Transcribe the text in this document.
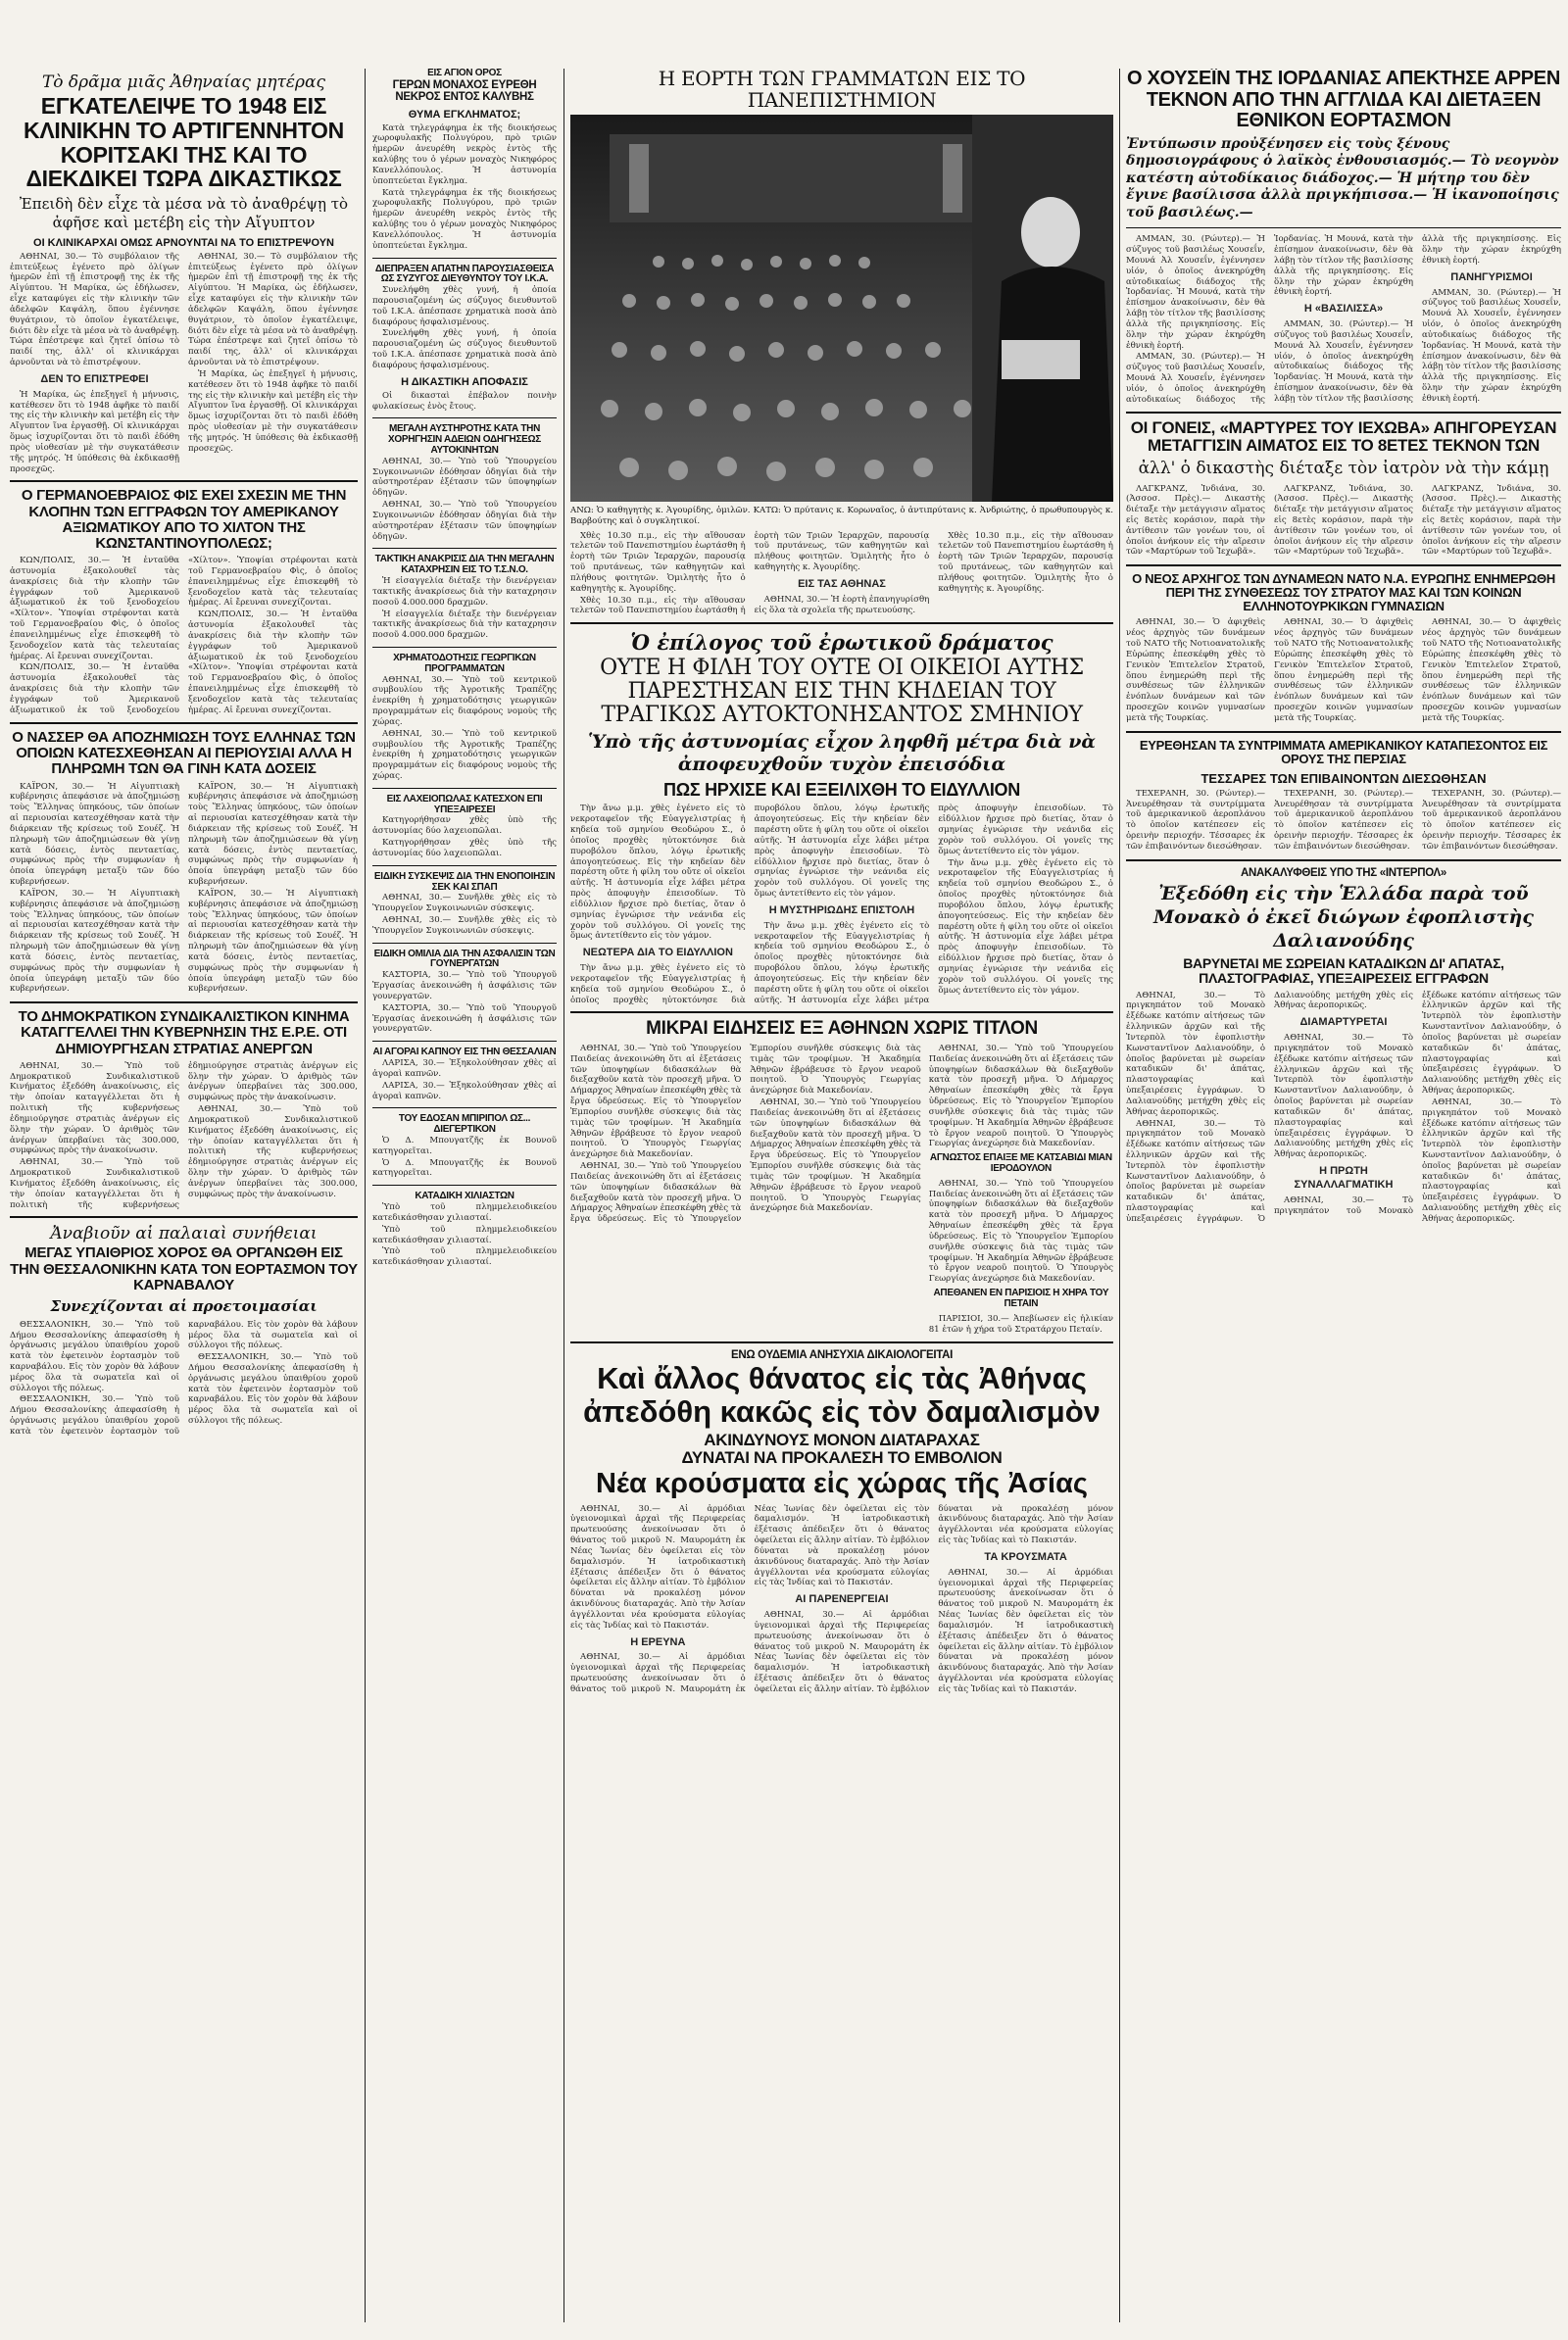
Τὸ δρᾶμα μιᾶς Ἀθηναίας μητέρας
ΕΓΚΑΤΕΛΕΙΨΕ ΤΟ 1948 ΕΙΣ ΚΛΙΝΙΚΗΝ ΤΟ ΑΡΤΙΓΕΝΝΗΤΟΝ ΚΟΡΙΤΣΑΚΙ ΤΗΣ ΚΑΙ ΤΟ ΔΙΕΚΔΙΚΕΙ ΤΩΡΑ ΔΙΚΑΣΤΙΚΩΣ
Ἐπειδὴ δὲν εἶχε τὰ μέσα νὰ τὸ ἀναθρέψῃ τὸ ἀφῆσε καὶ μετέβη εἰς τὴν Αἴγυπτον
ΟΙ ΚΛΙΝΙΚΑΡΧΑΙ ΟΜΩΣ ΑΡΝΟΥΝΤΑΙ ΝΑ ΤΟ ΕΠΙΣΤΡΕΨΟΥΝ

ΑΘΗΝΑΙ, 30.— Τὸ συμβόλαιον τῆς ἐπιτεύξεως ἐγένετο πρὸ ὀλίγων ἡμερῶν ἐπὶ τῇ ἐπιστροφῇ της ἐκ τῆς Αἰγύπτου. Ἡ Μαρίκα, ὡς ἐδήλωσεν, εἶχε καταφύγει εἰς τὴν κλινικὴν τῶν ἀδελφῶν Καψάλη, ὅπου ἐγέννησε θυγάτριον, τὸ ὁποῖον ἐγκατέλειψε, διότι δὲν εἶχε τὰ μέσα νὰ τὸ ἀναθρέψῃ. Τώρα ἐπέστρεψε καὶ ζητεῖ ὀπίσω τὸ παιδί της, ἀλλ' οἱ κλινικάρχαι ἀρνοῦνται νὰ τὸ ἐπιστρέψουν.

ΔΕΝ ΤΟ ΕΠΙΣΤΡΕΦΕΙ

Ἡ Μαρίκα, ὡς ἐπεξηγεῖ ἡ μήνυσις, κατέθεσεν ὅτι τὸ 1948 ἀφῆκε τὸ παιδί της εἰς τὴν κλινικὴν καὶ μετέβη εἰς τὴν Αἴγυπτον ἵνα ἐργασθῇ. Οἱ κλινικάρχαι ὅμως ἰσχυρίζονται ὅτι τὸ παιδὶ ἐδόθη πρὸς υἱοθεσίαν μὲ τὴν συγκατάθεσιν τῆς μητρός. Ἡ ὑπόθεσις θὰ ἐκδικασθῇ προσεχῶς.

ΑΘΗΝΑΙ, 30.— Τὸ συμβόλαιον τῆς ἐπιτεύξεως ἐγένετο πρὸ ὀλίγων ἡμερῶν ἐπὶ τῇ ἐπιστροφῇ της ἐκ τῆς Αἰγύπτου. Ἡ Μαρίκα, ὡς ἐδήλωσεν, εἶχε καταφύγει εἰς τὴν κλινικὴν τῶν ἀδελφῶν Καψάλη, ὅπου ἐγέννησε θυγάτριον, τὸ ὁποῖον ἐγκατέλειψε, διότι δὲν εἶχε τὰ μέσα νὰ τὸ ἀναθρέψῃ. Τώρα ἐπέστρεψε καὶ ζητεῖ ὀπίσω τὸ παιδί της, ἀλλ' οἱ κλινικάρχαι ἀρνοῦνται νὰ τὸ ἐπιστρέψουν.

Ἡ Μαρίκα, ὡς ἐπεξηγεῖ ἡ μήνυσις, κατέθεσεν ὅτι τὸ 1948 ἀφῆκε τὸ παιδί της εἰς τὴν κλινικὴν καὶ μετέβη εἰς τὴν Αἴγυπτον ἵνα ἐργασθῇ. Οἱ κλινικάρχαι ὅμως ἰσχυρίζονται ὅτι τὸ παιδὶ ἐδόθη πρὸς υἱοθεσίαν μὲ τὴν συγκατάθεσιν τῆς μητρός. Ἡ ὑπόθεσις θὰ ἐκδικασθῇ προσεχῶς.

Ο ΓΕΡΜΑΝΟΕΒΡΑΙΟΣ ΦΙΣ ΕΧΕΙ ΣΧΕΣΙΝ ΜΕ ΤΗΝ ΚΛΟΠΗΝ ΤΩΝ ΕΓΓΡΑΦΩΝ ΤΟΥ ΑΜΕΡΙΚΑΝΟΥ ΑΞΙΩΜΑΤΙΚΟΥ ΑΠΟ ΤΟ ΧΙΛΤΟΝ ΤΗΣ ΚΩΝΣΤΑΝΤΙΝΟΥΠΟΛΕΩΣ;

ΚΩΝ/ΠΟΛΙΣ, 30.— Ἡ ἐνταῦθα ἀστυνομία ἐξακολουθεῖ τὰς ἀνακρίσεις διὰ τὴν κλοπὴν τῶν ἐγγράφων τοῦ Ἀμερικανοῦ ἀξιωματικοῦ ἐκ τοῦ ξενοδοχείου «Χίλτον». Ὑποψίαι στρέφονται κατὰ τοῦ Γερμανοεβραίου Φὶς, ὁ ὁποῖος ἐπανειλημμένως εἶχε ἐπισκεφθῆ τὸ ξενοδοχεῖον κατὰ τὰς τελευταίας ἡμέρας. Αἱ ἔρευναι συνεχίζονται.

ΚΩΝ/ΠΟΛΙΣ, 30.— Ἡ ἐνταῦθα ἀστυνομία ἐξακολουθεῖ τὰς ἀνακρίσεις διὰ τὴν κλοπὴν τῶν ἐγγράφων τοῦ Ἀμερικανοῦ ἀξιωματικοῦ ἐκ τοῦ ξενοδοχείου «Χίλτον». Ὑποψίαι στρέφονται κατὰ τοῦ Γερμανοεβραίου Φὶς, ὁ ὁποῖος ἐπανειλημμένως εἶχε ἐπισκεφθῆ τὸ ξενοδοχεῖον κατὰ τὰς τελευταίας ἡμέρας. Αἱ ἔρευναι συνεχίζονται.

ΚΩΝ/ΠΟΛΙΣ, 30.— Ἡ ἐνταῦθα ἀστυνομία ἐξακολουθεῖ τὰς ἀνακρίσεις διὰ τὴν κλοπὴν τῶν ἐγγράφων τοῦ Ἀμερικανοῦ ἀξιωματικοῦ ἐκ τοῦ ξενοδοχείου «Χίλτον». Ὑποψίαι στρέφονται κατὰ τοῦ Γερμανοεβραίου Φὶς, ὁ ὁποῖος ἐπανειλημμένως εἶχε ἐπισκεφθῆ τὸ ξενοδοχεῖον κατὰ τὰς τελευταίας ἡμέρας. Αἱ ἔρευναι συνεχίζονται.

Ο ΝΑΣΣΕΡ ΘΑ ΑΠΟΖΗΜΙΩΣΗ ΤΟΥΣ ΕΛΛΗΝΑΣ ΤΩΝ ΟΠΟΙΩΝ ΚΑΤΕΣΧΕΘΗΣΑΝ ΑΙ ΠΕΡΙΟΥΣΙΑΙ ΑΛΛΑ Η ΠΛΗΡΩΜΗ ΤΩΝ ΘΑ ΓΙΝΗ ΚΑΤΑ ΔΟΣΕΙΣ

ΚΑΪΡΟΝ, 30.— Ἡ Αἰγυπτιακὴ κυβέρνησις ἀπεφάσισε νὰ ἀποζημιώσῃ τοὺς Ἕλληνας ὑπηκόους, τῶν ὁποίων αἱ περιουσίαι κατεσχέθησαν κατὰ τὴν διάρκειαν τῆς κρίσεως τοῦ Σουέζ. Ἡ πληρωμὴ τῶν ἀποζημιώσεων θὰ γίνῃ κατὰ δόσεις, ἐντὸς πενταετίας, συμφώνως πρὸς τὴν συμφωνίαν ἡ ὁποία ὑπεγράφη μεταξὺ τῶν δύο κυβερνήσεων.

ΚΑΪΡΟΝ, 30.— Ἡ Αἰγυπτιακὴ κυβέρνησις ἀπεφάσισε νὰ ἀποζημιώσῃ τοὺς Ἕλληνας ὑπηκόους, τῶν ὁποίων αἱ περιουσίαι κατεσχέθησαν κατὰ τὴν διάρκειαν τῆς κρίσεως τοῦ Σουέζ. Ἡ πληρωμὴ τῶν ἀποζημιώσεων θὰ γίνῃ κατὰ δόσεις, ἐντὸς πενταετίας, συμφώνως πρὸς τὴν συμφωνίαν ἡ ὁποία ὑπεγράφη μεταξὺ τῶν δύο κυβερνήσεων.

ΚΑΪΡΟΝ, 30.— Ἡ Αἰγυπτιακὴ κυβέρνησις ἀπεφάσισε νὰ ἀποζημιώσῃ τοὺς Ἕλληνας ὑπηκόους, τῶν ὁποίων αἱ περιουσίαι κατεσχέθησαν κατὰ τὴν διάρκειαν τῆς κρίσεως τοῦ Σουέζ. Ἡ πληρωμὴ τῶν ἀποζημιώσεων θὰ γίνῃ κατὰ δόσεις, ἐντὸς πενταετίας, συμφώνως πρὸς τὴν συμφωνίαν ἡ ὁποία ὑπεγράφη μεταξὺ τῶν δύο κυβερνήσεων.

ΚΑΪΡΟΝ, 30.— Ἡ Αἰγυπτιακὴ κυβέρνησις ἀπεφάσισε νὰ ἀποζημιώσῃ τοὺς Ἕλληνας ὑπηκόους, τῶν ὁποίων αἱ περιουσίαι κατεσχέθησαν κατὰ τὴν διάρκειαν τῆς κρίσεως τοῦ Σουέζ. Ἡ πληρωμὴ τῶν ἀποζημιώσεων θὰ γίνῃ κατὰ δόσεις, ἐντὸς πενταετίας, συμφώνως πρὸς τὴν συμφωνίαν ἡ ὁποία ὑπεγράφη μεταξὺ τῶν δύο κυβερνήσεων.

ΤΟ ΔΗΜΟΚΡΑΤΙΚΟΝ ΣΥΝΔΙΚΑΛΙΣΤΙΚΟΝ ΚΙΝΗΜΑ ΚΑΤΑΓΓΕΛΛΕΙ ΤΗΝ ΚΥΒΕΡΝΗΣΙΝ ΤΗΣ Ε.Ρ.Ε. ΟΤΙ ΔΗΜΙΟΥΡΓΗΣΑΝ ΣΤΡΑΤΙΑΣ ΑΝΕΡΓΩΝ

ΑΘΗΝΑΙ, 30.— Ὑπὸ τοῦ Δημοκρατικοῦ Συνδικαλιστικοῦ Κινήματος ἐξεδόθη ἀνακοίνωσις, εἰς τὴν ὁποίαν καταγγέλλεται ὅτι ἡ πολιτικὴ τῆς κυβερνήσεως ἐδημιούργησε στρατιὰς ἀνέργων εἰς ὅλην τὴν χώραν. Ὁ ἀριθμὸς τῶν ἀνέργων ὑπερβαίνει τὰς 300.000, συμφώνως πρὸς τὴν ἀνακοίνωσιν.

ΑΘΗΝΑΙ, 30.— Ὑπὸ τοῦ Δημοκρατικοῦ Συνδικαλιστικοῦ Κινήματος ἐξεδόθη ἀνακοίνωσις, εἰς τὴν ὁποίαν καταγγέλλεται ὅτι ἡ πολιτικὴ τῆς κυβερνήσεως ἐδημιούργησε στρατιὰς ἀνέργων εἰς ὅλην τὴν χώραν. Ὁ ἀριθμὸς τῶν ἀνέργων ὑπερβαίνει τὰς 300.000, συμφώνως πρὸς τὴν ἀνακοίνωσιν.

ΑΘΗΝΑΙ, 30.— Ὑπὸ τοῦ Δημοκρατικοῦ Συνδικαλιστικοῦ Κινήματος ἐξεδόθη ἀνακοίνωσις, εἰς τὴν ὁποίαν καταγγέλλεται ὅτι ἡ πολιτικὴ τῆς κυβερνήσεως ἐδημιούργησε στρατιὰς ἀνέργων εἰς ὅλην τὴν χώραν. Ὁ ἀριθμὸς τῶν ἀνέργων ὑπερβαίνει τὰς 300.000, συμφώνως πρὸς τὴν ἀνακοίνωσιν.

Ἀναβιοῦν αἱ παλαιαὶ συνήθειαι
ΜΕΓΑΣ ΥΠΑΙΘΡΙΟΣ ΧΟΡΟΣ ΘΑ ΟΡΓΑΝΩΘΗ ΕΙΣ ΤΗΝ ΘΕΣΣΑΛΟΝΙΚΗΝ ΚΑΤΑ ΤΟΝ ΕΟΡΤΑΣΜΟΝ ΤΟΥ ΚΑΡΝΑΒΑΛΟΥ
Συνεχίζονται αἱ προετοιμασίαι

ΘΕΣΣΑΛΟΝΙΚΗ, 30.— Ὑπὸ τοῦ Δήμου Θεσσαλονίκης ἀπεφασίσθη ἡ ὀργάνωσις μεγάλου ὑπαιθρίου χοροῦ κατὰ τὸν ἐφετεινὸν ἑορτασμὸν τοῦ καρναβάλου. Εἰς τὸν χορὸν θὰ λάβουν μέρος ὅλα τὰ σωματεῖα καὶ οἱ σύλλογοι τῆς πόλεως.

ΘΕΣΣΑΛΟΝΙΚΗ, 30.— Ὑπὸ τοῦ Δήμου Θεσσαλονίκης ἀπεφασίσθη ἡ ὀργάνωσις μεγάλου ὑπαιθρίου χοροῦ κατὰ τὸν ἐφετεινὸν ἑορτασμὸν τοῦ καρναβάλου. Εἰς τὸν χορὸν θὰ λάβουν μέρος ὅλα τὰ σωματεῖα καὶ οἱ σύλλογοι τῆς πόλεως.

ΘΕΣΣΑΛΟΝΙΚΗ, 30.— Ὑπὸ τοῦ Δήμου Θεσσαλονίκης ἀπεφασίσθη ἡ ὀργάνωσις μεγάλου ὑπαιθρίου χοροῦ κατὰ τὸν ἐφετεινὸν ἑορτασμὸν τοῦ καρναβάλου. Εἰς τὸν χορὸν θὰ λάβουν μέρος ὅλα τὰ σωματεῖα καὶ οἱ σύλλογοι τῆς πόλεως.

ΕΙΣ ΑΓΙΟΝ ΟΡΟΣ
ΓΕΡΩΝ ΜΟΝΑΧΟΣ ΕΥΡΕΘΗ ΝΕΚΡΟΣ ΕΝΤΟΣ ΚΑΛΥΒΗΣ
ΘΥΜΑ ΕΓΚΛΗΜΑΤΟΣ;

Κατὰ τηλεγράφημα ἐκ τῆς διοικήσεως χωροφυλακῆς Πολυγύρου, πρὸ τριῶν ἡμερῶν ἀνευρέθη νεκρὸς ἐντὸς τῆς καλύβης του ὁ γέρων μοναχὸς Νικηφόρος Κανελλόπουλος. Ἡ ἀστυνομία ὑποπτεύεται ἔγκλημα.

Κατὰ τηλεγράφημα ἐκ τῆς διοικήσεως χωροφυλακῆς Πολυγύρου, πρὸ τριῶν ἡμερῶν ἀνευρέθη νεκρὸς ἐντὸς τῆς καλύβης του ὁ γέρων μοναχὸς Νικηφόρος Κανελλόπουλος. Ἡ ἀστυνομία ὑποπτεύεται ἔγκλημα.

ΔΙΕΠΡΑΞΕΝ ΑΠΑΤΗΝ ΠΑΡΟΥΣΙΑΣΘΕΙΣΑ ΩΣ ΣΥΖΥΓΟΣ ΔΙΕΥΘΥΝΤΟΥ ΤΟΥ Ι.Κ.Α.

Συνελήφθη χθὲς γυνή, ἡ ὁποία παρουσιαζομένη ὡς σύζυγος διευθυντοῦ τοῦ Ι.Κ.Α. ἀπέσπασε χρηματικὰ ποσὰ ἀπὸ διαφόρους ἠσφαλισμένους.

Συνελήφθη χθὲς γυνή, ἡ ὁποία παρουσιαζομένη ὡς σύζυγος διευθυντοῦ τοῦ Ι.Κ.Α. ἀπέσπασε χρηματικὰ ποσὰ ἀπὸ διαφόρους ἠσφαλισμένους.

Η ΔΙΚΑΣΤΙΚΗ ΑΠΟΦΑΣΙΣ

Οἱ δικασταὶ ἐπέβαλον ποινὴν φυλακίσεως ἑνὸς ἔτους.

ΜΕΓΑΛΗ ΑΥΣΤΗΡΟΤΗΣ ΚΑΤΑ ΤΗΝ ΧΟΡΗΓΗΣΙΝ ΑΔΕΙΩΝ ΟΔΗΓΗΣΕΩΣ ΑΥΤΟΚΙΝΗΤΩΝ

ΑΘΗΝΑΙ, 30.— Ὑπὸ τοῦ Ὑπουργείου Συγκοινωνιῶν ἐδόθησαν ὁδηγίαι διὰ τὴν αὐστηροτέραν ἐξέτασιν τῶν ὑποψηφίων ὁδηγῶν.

ΑΘΗΝΑΙ, 30.— Ὑπὸ τοῦ Ὑπουργείου Συγκοινωνιῶν ἐδόθησαν ὁδηγίαι διὰ τὴν αὐστηροτέραν ἐξέτασιν τῶν ὑποψηφίων ὁδηγῶν.

ΤΑΚΤΙΚΗ ΑΝΑΚΡΙΣΙΣ ΔΙΑ ΤΗΝ ΜΕΓΑΛΗΝ ΚΑΤΑΧΡΗΣΙΝ ΕΙΣ ΤΟ Τ.Σ.Ν.Ο.

Ἡ εἰσαγγελία διέταξε τὴν διενέργειαν τακτικῆς ἀνακρίσεως διὰ τὴν καταχρησιν ποσοῦ 4.000.000 δραχμῶν.

Ἡ εἰσαγγελία διέταξε τὴν διενέργειαν τακτικῆς ἀνακρίσεως διὰ τὴν καταχρησιν ποσοῦ 4.000.000 δραχμῶν.

ΧΡΗΜΑΤΟΔΟΤΗΣΙΣ ΓΕΩΡΓΙΚΩΝ ΠΡΟΓΡΑΜΜΑΤΩΝ

ΑΘΗΝΑΙ, 30.— Ὑπὸ τοῦ κεντρικοῦ συμβουλίου τῆς Ἀγροτικῆς Τραπέζης ἐνεκρίθη ἡ χρηματοδότησις γεωργικῶν προγραμμάτων εἰς διαφόρους νομοὺς τῆς χώρας.

ΑΘΗΝΑΙ, 30.— Ὑπὸ τοῦ κεντρικοῦ συμβουλίου τῆς Ἀγροτικῆς Τραπέζης ἐνεκρίθη ἡ χρηματοδότησις γεωργικῶν προγραμμάτων εἰς διαφόρους νομοὺς τῆς χώρας.

ΕΙΣ ΛΑΧΕΙΟΠΩΛΑΣ ΚΑΤΕΣΧΟΝ ΕΠΙ ΥΠΕΞΑΙΡΕΣΕΙ

Κατηγορήθησαν χθὲς ὑπὸ τῆς ἀστυνομίας δύο λαχειοπῶλαι.

Κατηγορήθησαν χθὲς ὑπὸ τῆς ἀστυνομίας δύο λαχειοπῶλαι.

ΕΙΔΙΚΗ ΣΥΣΚΕΨΙΣ ΔΙΑ ΤΗΝ ΕΝΟΠΟΙΗΣΙΝ ΣΕΚ ΚΑΙ ΣΠΑΠ

ΑΘΗΝΑΙ, 30.— Συνῆλθε χθὲς εἰς τὸ Ὑπουργεῖον Συγκοινωνιῶν σύσκεψις.

ΑΘΗΝΑΙ, 30.— Συνῆλθε χθὲς εἰς τὸ Ὑπουργεῖον Συγκοινωνιῶν σύσκεψις.

ΕΙΔΙΚΗ ΟΜΙΛΙΑ ΔΙΑ ΤΗΝ ΑΣΦΑΛΙΣΙΝ ΤΩΝ ΓΟΥΝΕΡΓΑΤΩΝ

ΚΑΣΤΟΡΙΑ, 30.— Ὑπὸ τοῦ Ὑπουργοῦ Ἐργασίας ἀνεκοινώθη ἡ ἀσφάλισις τῶν γουνεργατῶν.

ΚΑΣΤΟΡΙΑ, 30.— Ὑπὸ τοῦ Ὑπουργοῦ Ἐργασίας ἀνεκοινώθη ἡ ἀσφάλισις τῶν γουνεργατῶν.

ΑΙ ΑΓΟΡΑΙ ΚΑΠΝΟΥ ΕΙΣ ΤΗΝ ΘΕΣΣΑΛΙΑΝ

ΛΑΡΙΣΑ, 30.— Ἐξηκολούθησαν χθὲς αἱ ἀγοραὶ καπνῶν.

ΛΑΡΙΣΑ, 30.— Ἐξηκολούθησαν χθὲς αἱ ἀγοραὶ καπνῶν.

ΤΟΥ ΕΔΟΣΑΝ ΜΠΙΡΙΠΟΛ ΩΣ... ΔΙΕΓΕΡΤΙΚΟΝ

Ὁ Δ. Μπουγατζῆς ἐκ Βουνοῦ κατηγορεῖται.

Ὁ Δ. Μπουγατζῆς ἐκ Βουνοῦ κατηγορεῖται.

ΚΑΤΑΔΙΚΗ ΧΙΛΙΑΣΤΩΝ

Ὑπὸ τοῦ πλημμελειοδικείου κατεδικάσθησαν χιλιασταί.

Ὑπὸ τοῦ πλημμελειοδικείου κατεδικάσθησαν χιλιασταί.

Ὑπὸ τοῦ πλημμελειοδικείου κατεδικάσθησαν χιλιασταί.

Η ΕΟΡΤΗ ΤΩΝ ΓΡΑΜΜΑΤΩΝ ΕΙΣ ΤΟ ΠΑΝΕΠΙΣΤΗΜΙΟΝ
ΑΝΩ: Ὁ καθηγητὴς κ. Ἀγουρίδης, ὁμιλῶν. ΚΑΤΩ: Ὁ πρύτανις κ. Κορωναῖος, ὁ ἀντιπρύτανις κ. Ἀνδριώτης, ὁ πρωθυπουργὸς κ. Βαρβούτης καὶ ὁ συγκλητικοί.

Χθὲς 10.30 π.μ., εἰς τὴν αἴθουσαν τελετῶν τοῦ Πανεπιστημίου ἐωρτάσθη ἡ ἑορτὴ τῶν Τριῶν Ἱεραρχῶν, παρουσίᾳ τοῦ πρυτάνεως, τῶν καθηγητῶν καὶ πλήθους φοιτητῶν. Ὁμιλητὴς ἦτο ὁ καθηγητὴς κ. Ἀγουρίδης.

Χθὲς 10.30 π.μ., εἰς τὴν αἴθουσαν τελετῶν τοῦ Πανεπιστημίου ἐωρτάσθη ἡ ἑορτὴ τῶν Τριῶν Ἱεραρχῶν, παρουσίᾳ τοῦ πρυτάνεως, τῶν καθηγητῶν καὶ πλήθους φοιτητῶν. Ὁμιλητὴς ἦτο ὁ καθηγητὴς κ. Ἀγουρίδης.

ΕΙΣ ΤΑΣ ΑΘΗΝΑΣ

ΑΘΗΝΑΙ, 30.— Ἡ ἑορτὴ ἐπανηγυρίσθη εἰς ὅλα τὰ σχολεῖα τῆς πρωτευούσης.

Χθὲς 10.30 π.μ., εἰς τὴν αἴθουσαν τελετῶν τοῦ Πανεπιστημίου ἐωρτάσθη ἡ ἑορτὴ τῶν Τριῶν Ἱεραρχῶν, παρουσίᾳ τοῦ πρυτάνεως, τῶν καθηγητῶν καὶ πλήθους φοιτητῶν. Ὁμιλητὴς ἦτο ὁ καθηγητὴς κ. Ἀγουρίδης.

Ὁ ἐπίλογος τοῦ ἐρωτικοῦ δράματος
ΟΥΤΕ Η ΦΙΛΗ ΤΟΥ ΟΥΤΕ ΟΙ ΟΙΚΕΙΟΙ ΑΥΤΗΣ ΠΑΡΕΣΤΗΣΑΝ ΕΙΣ ΤΗΝ ΚΗΔΕΙΑΝ ΤΟΥ ΤΡΑΓΙΚΩΣ ΑΥΤΟΚΤΟΝΗΣΑΝΤΟΣ ΣΜΗΝΙΟΥ
Ὑπὸ τῆς ἀστυνομίας εἶχον ληφθῆ μέτρα διὰ νὰ ἀποφευχθοῦν τυχὸν ἐπεισόδια
ΠΩΣ ΗΡΧΙΣΕ ΚΑΙ ΕΞΕΙΛΙΧΘΗ ΤΟ ΕΙΔΥΛΛΙΟΝ

Τὴν ἄνω μ.μ. χθὲς ἐγένετο εἰς τὸ νεκροταφεῖον τῆς Εὐαγγελιστρίας ἡ κηδεία τοῦ σμηνίου Θεοδώρου Σ., ὁ ὁποῖος προχθὲς ηὐτοκτόνησε διὰ πυροβόλου ὅπλου, λόγῳ ἐρωτικῆς ἀπογοητεύσεως. Εἰς τὴν κηδείαν δὲν παρέστη οὔτε ἡ φίλη του οὔτε οἱ οἰκεῖοι αὐτῆς. Ἡ ἀστυνομία εἶχε λάβει μέτρα πρὸς ἀποφυγὴν ἐπεισοδίων. Τὸ εἰδύλλιον ἤρχισε πρὸ διετίας, ὅταν ὁ σμηνίας ἐγνώρισε τὴν νεάνιδα εἰς χορὸν τοῦ συλλόγου. Οἱ γονεῖς της ὅμως ἀντετίθεντο εἰς τὸν γάμον.

ΝΕΩΤΕΡΑ ΔΙΑ ΤΟ ΕΙΔΥΛΛΙΟΝ

Τὴν ἄνω μ.μ. χθὲς ἐγένετο εἰς τὸ νεκροταφεῖον τῆς Εὐαγγελιστρίας ἡ κηδεία τοῦ σμηνίου Θεοδώρου Σ., ὁ ὁποῖος προχθὲς ηὐτοκτόνησε διὰ πυροβόλου ὅπλου, λόγῳ ἐρωτικῆς ἀπογοητεύσεως. Εἰς τὴν κηδείαν δὲν παρέστη οὔτε ἡ φίλη του οὔτε οἱ οἰκεῖοι αὐτῆς. Ἡ ἀστυνομία εἶχε λάβει μέτρα πρὸς ἀποφυγὴν ἐπεισοδίων. Τὸ εἰδύλλιον ἤρχισε πρὸ διετίας, ὅταν ὁ σμηνίας ἐγνώρισε τὴν νεάνιδα εἰς χορὸν τοῦ συλλόγου. Οἱ γονεῖς της ὅμως ἀντετίθεντο εἰς τὸν γάμον.

Η ΜΥΣΤΗΡΙΩΔΗΣ ΕΠΙΣΤΟΛΗ

Τὴν ἄνω μ.μ. χθὲς ἐγένετο εἰς τὸ νεκροταφεῖον τῆς Εὐαγγελιστρίας ἡ κηδεία τοῦ σμηνίου Θεοδώρου Σ., ὁ ὁποῖος προχθὲς ηὐτοκτόνησε διὰ πυροβόλου ὅπλου, λόγῳ ἐρωτικῆς ἀπογοητεύσεως. Εἰς τὴν κηδείαν δὲν παρέστη οὔτε ἡ φίλη του οὔτε οἱ οἰκεῖοι αὐτῆς. Ἡ ἀστυνομία εἶχε λάβει μέτρα πρὸς ἀποφυγὴν ἐπεισοδίων. Τὸ εἰδύλλιον ἤρχισε πρὸ διετίας, ὅταν ὁ σμηνίας ἐγνώρισε τὴν νεάνιδα εἰς χορὸν τοῦ συλλόγου. Οἱ γονεῖς της ὅμως ἀντετίθεντο εἰς τὸν γάμον.

Τὴν ἄνω μ.μ. χθὲς ἐγένετο εἰς τὸ νεκροταφεῖον τῆς Εὐαγγελιστρίας ἡ κηδεία τοῦ σμηνίου Θεοδώρου Σ., ὁ ὁποῖος προχθὲς ηὐτοκτόνησε διὰ πυροβόλου ὅπλου, λόγῳ ἐρωτικῆς ἀπογοητεύσεως. Εἰς τὴν κηδείαν δὲν παρέστη οὔτε ἡ φίλη του οὔτε οἱ οἰκεῖοι αὐτῆς. Ἡ ἀστυνομία εἶχε λάβει μέτρα πρὸς ἀποφυγὴν ἐπεισοδίων. Τὸ εἰδύλλιον ἤρχισε πρὸ διετίας, ὅταν ὁ σμηνίας ἐγνώρισε τὴν νεάνιδα εἰς χορὸν τοῦ συλλόγου. Οἱ γονεῖς της ὅμως ἀντετίθεντο εἰς τὸν γάμον.

ΜΙΚΡΑΙ ΕΙΔΗΣΕΙΣ ΕΞ ΑΘΗΝΩΝ ΧΩΡΙΣ ΤΙΤΛΟΝ

ΑΘΗΝΑΙ, 30.— Ὑπὸ τοῦ Ὑπουργείου Παιδείας ἀνεκοινώθη ὅτι αἱ ἐξετάσεις τῶν ὑποψηφίων διδασκάλων θὰ διεξαχθοῦν κατὰ τὸν προσεχῆ μῆνα. Ὁ Δήμαρχος Ἀθηναίων ἐπεσκέφθη χθὲς τὰ ἔργα ὑδρεύσεως. Εἰς τὸ Ὑπουργεῖον Ἐμπορίου συνῆλθε σύσκεψις διὰ τὰς τιμὰς τῶν τροφίμων. Ἡ Ἀκαδημία Ἀθηνῶν ἐβράβευσε τὸ ἔργον νεαροῦ ποιητοῦ. Ὁ Ὑπουργὸς Γεωργίας ἀνεχώρησε διὰ Μακεδονίαν.

ΑΘΗΝΑΙ, 30.— Ὑπὸ τοῦ Ὑπουργείου Παιδείας ἀνεκοινώθη ὅτι αἱ ἐξετάσεις τῶν ὑποψηφίων διδασκάλων θὰ διεξαχθοῦν κατὰ τὸν προσεχῆ μῆνα. Ὁ Δήμαρχος Ἀθηναίων ἐπεσκέφθη χθὲς τὰ ἔργα ὑδρεύσεως. Εἰς τὸ Ὑπουργεῖον Ἐμπορίου συνῆλθε σύσκεψις διὰ τὰς τιμὰς τῶν τροφίμων. Ἡ Ἀκαδημία Ἀθηνῶν ἐβράβευσε τὸ ἔργον νεαροῦ ποιητοῦ. Ὁ Ὑπουργὸς Γεωργίας ἀνεχώρησε διὰ Μακεδονίαν.

ΑΘΗΝΑΙ, 30.— Ὑπὸ τοῦ Ὑπουργείου Παιδείας ἀνεκοινώθη ὅτι αἱ ἐξετάσεις τῶν ὑποψηφίων διδασκάλων θὰ διεξαχθοῦν κατὰ τὸν προσεχῆ μῆνα. Ὁ Δήμαρχος Ἀθηναίων ἐπεσκέφθη χθὲς τὰ ἔργα ὑδρεύσεως. Εἰς τὸ Ὑπουργεῖον Ἐμπορίου συνῆλθε σύσκεψις διὰ τὰς τιμὰς τῶν τροφίμων. Ἡ Ἀκαδημία Ἀθηνῶν ἐβράβευσε τὸ ἔργον νεαροῦ ποιητοῦ. Ὁ Ὑπουργὸς Γεωργίας ἀνεχώρησε διὰ Μακεδονίαν.

ΑΘΗΝΑΙ, 30.— Ὑπὸ τοῦ Ὑπουργείου Παιδείας ἀνεκοινώθη ὅτι αἱ ἐξετάσεις τῶν ὑποψηφίων διδασκάλων θὰ διεξαχθοῦν κατὰ τὸν προσεχῆ μῆνα. Ὁ Δήμαρχος Ἀθηναίων ἐπεσκέφθη χθὲς τὰ ἔργα ὑδρεύσεως. Εἰς τὸ Ὑπουργεῖον Ἐμπορίου συνῆλθε σύσκεψις διὰ τὰς τιμὰς τῶν τροφίμων. Ἡ Ἀκαδημία Ἀθηνῶν ἐβράβευσε τὸ ἔργον νεαροῦ ποιητοῦ. Ὁ Ὑπουργὸς Γεωργίας ἀνεχώρησε διὰ Μακεδονίαν.

ΑΓΝΩΣΤΟΣ ΕΠΑΙΞΕ ΜΕ ΚΑΤΣΑΒΙΔΙ ΜΙΑΝ ΙΕΡΟΔΟΥΛΟΝ

ΑΘΗΝΑΙ, 30.— Ὑπὸ τοῦ Ὑπουργείου Παιδείας ἀνεκοινώθη ὅτι αἱ ἐξετάσεις τῶν ὑποψηφίων διδασκάλων θὰ διεξαχθοῦν κατὰ τὸν προσεχῆ μῆνα. Ὁ Δήμαρχος Ἀθηναίων ἐπεσκέφθη χθὲς τὰ ἔργα ὑδρεύσεως. Εἰς τὸ Ὑπουργεῖον Ἐμπορίου συνῆλθε σύσκεψις διὰ τὰς τιμὰς τῶν τροφίμων. Ἡ Ἀκαδημία Ἀθηνῶν ἐβράβευσε τὸ ἔργον νεαροῦ ποιητοῦ. Ὁ Ὑπουργὸς Γεωργίας ἀνεχώρησε διὰ Μακεδονίαν.

ΑΠΕΘΑΝΕΝ ΕΝ ΠΑΡΙΣΙΟΙΣ Η ΧΗΡΑ ΤΟΥ ΠΕΤΑΙΝ

ΠΑΡΙΣΙΟΙ, 30.— Ἀπεβίωσεν εἰς ἡλικίαν 81 ἐτῶν ἡ χήρα τοῦ Στρατάρχου Πεταίν.

ΕΝΩ ΟΥΔΕΜΙΑ ΑΝΗΣΥΧΙΑ ΔΙΚΑΙΟΛΟΓΕΙΤΑΙ
Καὶ ἄλλος θάνατος εἰς τὰς Ἀθήνας
ἀπεδόθη κακῶς εἰς τὸν δαμαλισμὸν
ΑΚΙΝΔΥΝΟΥΣ ΜΟΝΟΝ ΔΙΑΤΑΡΑΧΑΣ
ΔΥΝΑΤΑΙ ΝΑ ΠΡΟΚΑΛΕΣΗ ΤΟ ΕΜΒΟΛΙΟΝ
Νέα κρούσματα εἰς χώρας τῆς Ἀσίας

ΑΘΗΝΑΙ, 30.— Αἱ ἁρμόδιαι ὑγειονομικαὶ ἀρχαὶ τῆς Περιφερείας πρωτευούσης ἀνεκοίνωσαν ὅτι ὁ θάνατος τοῦ μικροῦ Ν. Μαυρομάτη ἐκ Νέας Ἰωνίας δὲν ὀφείλεται εἰς τὸν δαμαλισμόν. Ἡ ἰατροδικαστικὴ ἐξέτασις ἀπέδειξεν ὅτι ὁ θάνατος ὀφείλεται εἰς ἄλλην αἰτίαν. Τὸ ἐμβόλιον δύναται νὰ προκαλέσῃ μόνον ἀκινδύνους διαταραχάς. Ἀπὸ τὴν Ἀσίαν ἀγγέλλονται νέα κρούσματα εὐλογίας εἰς τὰς Ἰνδίας καὶ τὸ Πακιστάν.

Η ΕΡΕΥΝΑ

ΑΘΗΝΑΙ, 30.— Αἱ ἁρμόδιαι ὑγειονομικαὶ ἀρχαὶ τῆς Περιφερείας πρωτευούσης ἀνεκοίνωσαν ὅτι ὁ θάνατος τοῦ μικροῦ Ν. Μαυρομάτη ἐκ Νέας Ἰωνίας δὲν ὀφείλεται εἰς τὸν δαμαλισμόν. Ἡ ἰατροδικαστικὴ ἐξέτασις ἀπέδειξεν ὅτι ὁ θάνατος ὀφείλεται εἰς ἄλλην αἰτίαν. Τὸ ἐμβόλιον δύναται νὰ προκαλέσῃ μόνον ἀκινδύνους διαταραχάς. Ἀπὸ τὴν Ἀσίαν ἀγγέλλονται νέα κρούσματα εὐλογίας εἰς τὰς Ἰνδίας καὶ τὸ Πακιστάν.

ΑΙ ΠΑΡΕΝΕΡΓΕΙΑΙ

ΑΘΗΝΑΙ, 30.— Αἱ ἁρμόδιαι ὑγειονομικαὶ ἀρχαὶ τῆς Περιφερείας πρωτευούσης ἀνεκοίνωσαν ὅτι ὁ θάνατος τοῦ μικροῦ Ν. Μαυρομάτη ἐκ Νέας Ἰωνίας δὲν ὀφείλεται εἰς τὸν δαμαλισμόν. Ἡ ἰατροδικαστικὴ ἐξέτασις ἀπέδειξεν ὅτι ὁ θάνατος ὀφείλεται εἰς ἄλλην αἰτίαν. Τὸ ἐμβόλιον δύναται νὰ προκαλέσῃ μόνον ἀκινδύνους διαταραχάς. Ἀπὸ τὴν Ἀσίαν ἀγγέλλονται νέα κρούσματα εὐλογίας εἰς τὰς Ἰνδίας καὶ τὸ Πακιστάν.

ΤΑ ΚΡΟΥΣΜΑΤΑ

ΑΘΗΝΑΙ, 30.— Αἱ ἁρμόδιαι ὑγειονομικαὶ ἀρχαὶ τῆς Περιφερείας πρωτευούσης ἀνεκοίνωσαν ὅτι ὁ θάνατος τοῦ μικροῦ Ν. Μαυρομάτη ἐκ Νέας Ἰωνίας δὲν ὀφείλεται εἰς τὸν δαμαλισμόν. Ἡ ἰατροδικαστικὴ ἐξέτασις ἀπέδειξεν ὅτι ὁ θάνατος ὀφείλεται εἰς ἄλλην αἰτίαν. Τὸ ἐμβόλιον δύναται νὰ προκαλέσῃ μόνον ἀκινδύνους διαταραχάς. Ἀπὸ τὴν Ἀσίαν ἀγγέλλονται νέα κρούσματα εὐλογίας εἰς τὰς Ἰνδίας καὶ τὸ Πακιστάν.

Ο ΧΟΥΣΕΪΝ ΤΗΣ ΙΟΡΔΑΝΙΑΣ ΑΠΕΚΤΗΣΕ ΑΡΡΕΝ ΤΕΚΝΟΝ ΑΠΟ ΤΗΝ ΑΓΓΛΙΔΑ ΚΑΙ ΔΙΕΤΑΞΕΝ ΕΘΝΙΚΟΝ ΕΟΡΤΑΣΜΟΝ
Ἐντύπωσιν προὐξένησεν εἰς τοὺς ξένους δημοσιογράφους ὁ λαϊκὸς ἐνθουσιασμός.— Τὸ νεογνὸν κατέστη αὐτοδίκαιος διάδοχος.— Ἡ μήτηρ του δὲν ἔγινε βασίλισσα ἀλλὰ πριγκήπισσα.— Ἡ ἱκανοποίησις τοῦ βασιλέως.—

ΑΜΜΑΝ, 30. (Ρώυτερ).— Ἡ σύζυγος τοῦ βασιλέως Χουσεΐν, Μουνά Ἀλ Χουσεΐν, ἐγέννησεν υἱόν, ὁ ὁποῖος ἀνεκηρύχθη αὐτοδικαίως διάδοχος τῆς Ἰορδανίας. Ἡ Μουνά, κατὰ τὴν ἐπίσημον ἀνακοίνωσιν, δὲν θὰ λάβῃ τὸν τίτλον τῆς βασιλίσσης ἀλλὰ τῆς πριγκηπίσσης. Εἰς ὅλην τὴν χώραν ἐκηρύχθη ἐθνικὴ ἑορτή.

ΑΜΜΑΝ, 30. (Ρώυτερ).— Ἡ σύζυγος τοῦ βασιλέως Χουσεΐν, Μουνά Ἀλ Χουσεΐν, ἐγέννησεν υἱόν, ὁ ὁποῖος ἀνεκηρύχθη αὐτοδικαίως διάδοχος τῆς Ἰορδανίας. Ἡ Μουνά, κατὰ τὴν ἐπίσημον ἀνακοίνωσιν, δὲν θὰ λάβῃ τὸν τίτλον τῆς βασιλίσσης ἀλλὰ τῆς πριγκηπίσσης. Εἰς ὅλην τὴν χώραν ἐκηρύχθη ἐθνικὴ ἑορτή.

Η «ΒΑΣΙΛΙΣΣΑ»

ΑΜΜΑΝ, 30. (Ρώυτερ).— Ἡ σύζυγος τοῦ βασιλέως Χουσεΐν, Μουνά Ἀλ Χουσεΐν, ἐγέννησεν υἱόν, ὁ ὁποῖος ἀνεκηρύχθη αὐτοδικαίως διάδοχος τῆς Ἰορδανίας. Ἡ Μουνά, κατὰ τὴν ἐπίσημον ἀνακοίνωσιν, δὲν θὰ λάβῃ τὸν τίτλον τῆς βασιλίσσης ἀλλὰ τῆς πριγκηπίσσης. Εἰς ὅλην τὴν χώραν ἐκηρύχθη ἐθνικὴ ἑορτή.

ΠΑΝΗΓΥΡΙΣΜΟΙ

ΑΜΜΑΝ, 30. (Ρώυτερ).— Ἡ σύζυγος τοῦ βασιλέως Χουσεΐν, Μουνά Ἀλ Χουσεΐν, ἐγέννησεν υἱόν, ὁ ὁποῖος ἀνεκηρύχθη αὐτοδικαίως διάδοχος τῆς Ἰορδανίας. Ἡ Μουνά, κατὰ τὴν ἐπίσημον ἀνακοίνωσιν, δὲν θὰ λάβῃ τὸν τίτλον τῆς βασιλίσσης ἀλλὰ τῆς πριγκηπίσσης. Εἰς ὅλην τὴν χώραν ἐκηρύχθη ἐθνικὴ ἑορτή.

ΟΙ ΓΟΝΕΙΣ, «ΜΑΡΤΥΡΕΣ ΤΟΥ ΙΕΧΩΒΑ» ΑΠΗΓΟΡΕΥΣΑΝ ΜΕΤΑΓΓΙΣΙΝ ΑΙΜΑΤΟΣ ΕΙΣ ΤΟ 8ΕΤΕΣ ΤΕΚΝΟΝ ΤΩΝ
ἀλλ' ὁ δικαστὴς διέταξε τὸν ἰατρὸν νὰ τὴν κάμῃ

ΛΑΓΚΡΑΝΖ, Ἰνδιάνα, 30. (Ἀσσοσ. Πρὲς).— Δικαστὴς διέταξε τὴν μετάγγισιν αἵματος εἰς 8ετὲς κοράσιον, παρὰ τὴν ἀντίθεσιν τῶν γονέων του, οἱ ὁποῖοι ἀνήκουν εἰς τὴν αἵρεσιν τῶν «Μαρτύρων τοῦ Ἰεχωβᾶ».

ΛΑΓΚΡΑΝΖ, Ἰνδιάνα, 30. (Ἀσσοσ. Πρὲς).— Δικαστὴς διέταξε τὴν μετάγγισιν αἵματος εἰς 8ετὲς κοράσιον, παρὰ τὴν ἀντίθεσιν τῶν γονέων του, οἱ ὁποῖοι ἀνήκουν εἰς τὴν αἵρεσιν τῶν «Μαρτύρων τοῦ Ἰεχωβᾶ».

ΛΑΓΚΡΑΝΖ, Ἰνδιάνα, 30. (Ἀσσοσ. Πρὲς).— Δικαστὴς διέταξε τὴν μετάγγισιν αἵματος εἰς 8ετὲς κοράσιον, παρὰ τὴν ἀντίθεσιν τῶν γονέων του, οἱ ὁποῖοι ἀνήκουν εἰς τὴν αἵρεσιν τῶν «Μαρτύρων τοῦ Ἰεχωβᾶ».

Ο ΝΕΟΣ ΑΡΧΗΓΟΣ ΤΩΝ ΔΥΝΑΜΕΩΝ ΝΑΤΟ Ν.Α. ΕΥΡΩΠΗΣ ΕΝΗΜΕΡΩΘΗ ΠΕΡΙ ΤΗΣ ΣΥΝΘΕΣΕΩΣ ΤΟΥ ΣΤΡΑΤΟΥ ΜΑΣ ΚΑΙ ΤΩΝ ΚΟΙΝΩΝ ΕΛΛΗΝΟΤΟΥΡΚΙΚΩΝ ΓΥΜΝΑΣΙΩΝ

ΑΘΗΝΑΙ, 30.— Ὁ ἀφιχθεὶς νέος ἀρχηγὸς τῶν δυνάμεων τοῦ ΝΑΤΟ τῆς Νοτιοανατολικῆς Εὐρώπης ἐπεσκέφθη χθὲς τὸ Γενικὸν Ἐπιτελεῖον Στρατοῦ, ὅπου ἐνημερώθη περὶ τῆς συνθέσεως τῶν ἑλληνικῶν ἐνόπλων δυνάμεων καὶ τῶν προσεχῶν κοινῶν γυμνασίων μετὰ τῆς Τουρκίας.

ΑΘΗΝΑΙ, 30.— Ὁ ἀφιχθεὶς νέος ἀρχηγὸς τῶν δυνάμεων τοῦ ΝΑΤΟ τῆς Νοτιοανατολικῆς Εὐρώπης ἐπεσκέφθη χθὲς τὸ Γενικὸν Ἐπιτελεῖον Στρατοῦ, ὅπου ἐνημερώθη περὶ τῆς συνθέσεως τῶν ἑλληνικῶν ἐνόπλων δυνάμεων καὶ τῶν προσεχῶν κοινῶν γυμνασίων μετὰ τῆς Τουρκίας.

ΑΘΗΝΑΙ, 30.— Ὁ ἀφιχθεὶς νέος ἀρχηγὸς τῶν δυνάμεων τοῦ ΝΑΤΟ τῆς Νοτιοανατολικῆς Εὐρώπης ἐπεσκέφθη χθὲς τὸ Γενικὸν Ἐπιτελεῖον Στρατοῦ, ὅπου ἐνημερώθη περὶ τῆς συνθέσεως τῶν ἑλληνικῶν ἐνόπλων δυνάμεων καὶ τῶν προσεχῶν κοινῶν γυμνασίων μετὰ τῆς Τουρκίας.

ΕΥΡΕΘΗΣΑΝ ΤΑ ΣΥΝΤΡΙΜΜΑΤΑ ΑΜΕΡΙΚΑΝΙΚΟΥ ΚΑΤΑΠΕΣΟΝΤΟΣ ΕΙΣ ΟΡΟΥΣ ΤΗΣ ΠΕΡΣΙΑΣ
ΤΕΣΣΑΡΕΣ ΤΩΝ ΕΠΙΒΑΙΝΟΝΤΩΝ ΔΙΕΣΩΘΗΣΑΝ

ΤΕΧΕΡΑΝΗ, 30. (Ρώυτερ).— Ἀνευρέθησαν τὰ συντρίμματα τοῦ ἀμερικανικοῦ ἀεροπλάνου τὸ ὁποῖον κατέπεσεν εἰς ὀρεινὴν περιοχήν. Τέσσαρες ἐκ τῶν ἐπιβαινόντων διεσώθησαν.

ΤΕΧΕΡΑΝΗ, 30. (Ρώυτερ).— Ἀνευρέθησαν τὰ συντρίμματα τοῦ ἀμερικανικοῦ ἀεροπλάνου τὸ ὁποῖον κατέπεσεν εἰς ὀρεινὴν περιοχήν. Τέσσαρες ἐκ τῶν ἐπιβαινόντων διεσώθησαν.

ΤΕΧΕΡΑΝΗ, 30. (Ρώυτερ).— Ἀνευρέθησαν τὰ συντρίμματα τοῦ ἀμερικανικοῦ ἀεροπλάνου τὸ ὁποῖον κατέπεσεν εἰς ὀρεινὴν περιοχήν. Τέσσαρες ἐκ τῶν ἐπιβαινόντων διεσώθησαν.

ΑΝΑΚΑΛΥΦΘΕΙΣ ΥΠΟ ΤΗΣ «ΙΝΤΕΡΠΟΛ»
Ἐξεδόθη εἰς τὴν Ἑλλάδα παρὰ τοῦ Μονακὸ ὁ ἐκεῖ διώγων ἐφοπλιστὴς Δαλιανούδης
ΒΑΡΥΝΕΤΑΙ ΜΕ ΣΩΡΕΙΑΝ ΚΑΤΑΔΙΚΩΝ ΔΙ' ΑΠΑΤΑΣ,
ΠΛΑΣΤΟΓΡΑΦΙΑΣ, ΥΠΕΞΑΙΡΕΣΕΙΣ ΕΓΓΡΑΦΩΝ

ΑΘΗΝΑΙ, 30.— Τὸ πριγκηπάτον τοῦ Μονακὸ ἐξέδωκε κατόπιν αἰτήσεως τῶν ἑλληνικῶν ἀρχῶν καὶ τῆς Ἰντερπὸλ τὸν ἐφοπλιστὴν Κωνσταντῖνον Δαλιανούδην, ὁ ὁποῖος βαρύνεται μὲ σωρείαν καταδικῶν δι' ἀπάτας, πλαστογραφίας καὶ ὑπεξαιρέσεις ἐγγράφων. Ὁ Δαλιανούδης μετήχθη χθὲς εἰς Ἀθήνας ἀεροπορικῶς.

ΑΘΗΝΑΙ, 30.— Τὸ πριγκηπάτον τοῦ Μονακὸ ἐξέδωκε κατόπιν αἰτήσεως τῶν ἑλληνικῶν ἀρχῶν καὶ τῆς Ἰντερπὸλ τὸν ἐφοπλιστὴν Κωνσταντῖνον Δαλιανούδην, ὁ ὁποῖος βαρύνεται μὲ σωρείαν καταδικῶν δι' ἀπάτας, πλαστογραφίας καὶ ὑπεξαιρέσεις ἐγγράφων. Ὁ Δαλιανούδης μετήχθη χθὲς εἰς Ἀθήνας ἀεροπορικῶς.

ΔΙΑΜΑΡΤΥΡΕΤΑΙ

ΑΘΗΝΑΙ, 30.— Τὸ πριγκηπάτον τοῦ Μονακὸ ἐξέδωκε κατόπιν αἰτήσεως τῶν ἑλληνικῶν ἀρχῶν καὶ τῆς Ἰντερπὸλ τὸν ἐφοπλιστὴν Κωνσταντῖνον Δαλιανούδην, ὁ ὁποῖος βαρύνεται μὲ σωρείαν καταδικῶν δι' ἀπάτας, πλαστογραφίας καὶ ὑπεξαιρέσεις ἐγγράφων. Ὁ Δαλιανούδης μετήχθη χθὲς εἰς Ἀθήνας ἀεροπορικῶς.

Η ΠΡΩΤΗ ΣΥΝΑΛΛΑΓΜΑΤΙΚΗ

ΑΘΗΝΑΙ, 30.— Τὸ πριγκηπάτον τοῦ Μονακὸ ἐξέδωκε κατόπιν αἰτήσεως τῶν ἑλληνικῶν ἀρχῶν καὶ τῆς Ἰντερπὸλ τὸν ἐφοπλιστὴν Κωνσταντῖνον Δαλιανούδην, ὁ ὁποῖος βαρύνεται μὲ σωρείαν καταδικῶν δι' ἀπάτας, πλαστογραφίας καὶ ὑπεξαιρέσεις ἐγγράφων. Ὁ Δαλιανούδης μετήχθη χθὲς εἰς Ἀθήνας ἀεροπορικῶς.

ΑΘΗΝΑΙ, 30.— Τὸ πριγκηπάτον τοῦ Μονακὸ ἐξέδωκε κατόπιν αἰτήσεως τῶν ἑλληνικῶν ἀρχῶν καὶ τῆς Ἰντερπὸλ τὸν ἐφοπλιστὴν Κωνσταντῖνον Δαλιανούδην, ὁ ὁποῖος βαρύνεται μὲ σωρείαν καταδικῶν δι' ἀπάτας, πλαστογραφίας καὶ ὑπεξαιρέσεις ἐγγράφων. Ὁ Δαλιανούδης μετήχθη χθὲς εἰς Ἀθήνας ἀεροπορικῶς.
